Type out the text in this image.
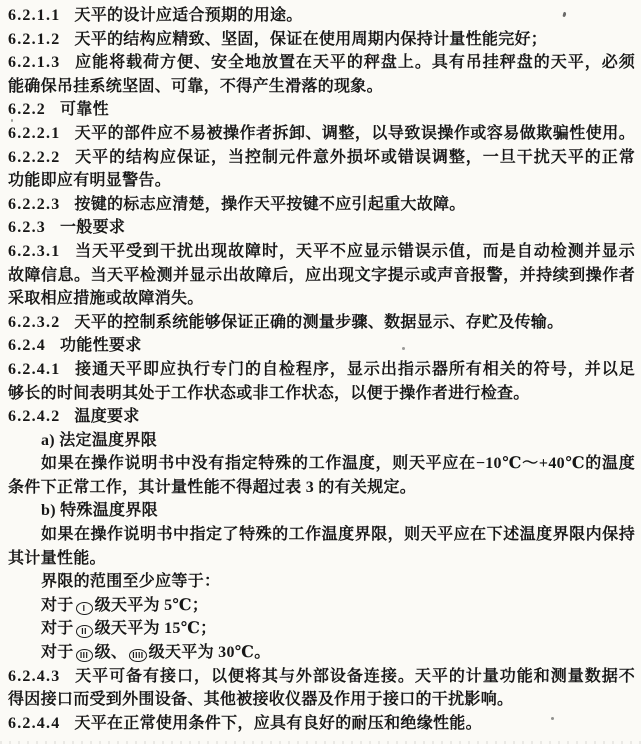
6.2.1.1 天平的设计应适合预期的用途。
6.2.1.2 天平的结构应精致、坚固，保证在使用周期内保持计量性能完好；
6.2.1.3 应能将载荷方便、安全地放置在天平的秤盘上。具有吊挂秤盘的天平，必须
能确保吊挂系统坚固、可靠，不得产生滑落的现象。
6.2.2 可靠性
6.2.2.1 天平的部件应不易被操作者拆卸、调整，以导致误操作或容易做欺骗性使用。
6.2.2.2 天平的结构应保证，当控制元件意外损坏或错误调整，一旦干扰天平的正常
功能即应有明显警告。
6.2.2.3 按键的标志应清楚，操作天平按键不应引起重大故障。
6.2.3 一般要求
6.2.3.1 当天平受到干扰出现故障时，天平不应显示错误示值，而是自动检测并显示
故障信息。当天平检测并显示出故障后，应出现文字提示或声音报警，并持续到操作者
采取相应措施或故障消失。
6.2.3.2 天平的控制系统能够保证正确的测量步骤、数据显示、存贮及传输。
6.2.4 功能性要求
6.2.4.1 接通天平即应执行专门的自检程序，显示出指示器所有相关的符号，并以足
够长的时间表明其处于工作状态或非工作状态，以便于操作者进行检查。
6.2.4.2 温度要求
a) 法定温度界限
如果在操作说明书中没有指定特殊的工作温度，则天平应在−10℃～+40℃的温度
条件下正常工作，其计量性能不得超过表 3 的有关规定。
b) 特殊温度界限
如果在操作说明书中指定了特殊的工作温度界限，则天平应在下述温度界限内保持
其计量性能。
界限的范围至少应等于：
对于 I 级天平为 5℃；
对于 II 级天平为 15℃；
对于 III 级、 IIII 级天平为 30℃。
6.2.4.3 天平可备有接口，以便将其与外部设备连接。天平的计量功能和测量数据不
得因接口而受到外围设备、其他被接收仪器及作用于接口的干扰影响。
6.2.4.4 天平在正常使用条件下，应具有良好的耐压和绝缘性能。
